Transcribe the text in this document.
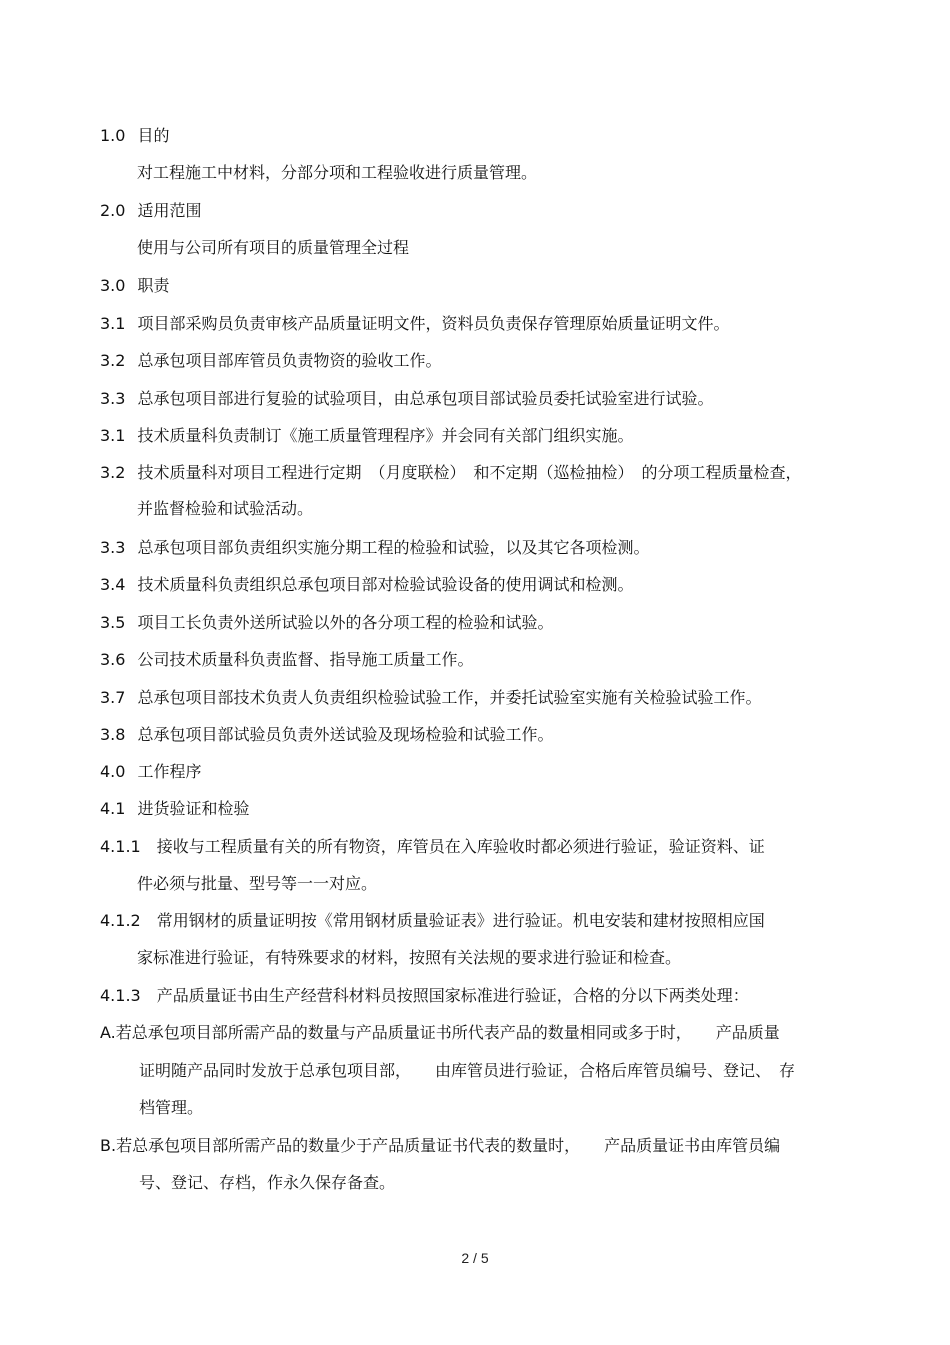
1.0 目的
对工程施工中材料，分部分项和工程验收进行质量管理。
2.0 适用范围
使用与公司所有项目的质量管理全过程
3.0 职责
3.1 项目部采购员负责审核产品质量证明文件，资料员负责保存管理原始质量证明文件。
3.2 总承包项目部库管员负责物资的验收工作。
3.3 总承包项目部进行复验的试验项目，由总承包项目部试验员委托试验室进行试验。
3.1 技术质量科负责制订《施工质量管理程序》并会同有关部门组织实施。
3.2 技术质量科对项目工程进行定期　（月度联检）　和不定期（巡检抽检）　的分项工程质量检查，
并监督检验和试验活动。
3.3 总承包项目部负责组织实施分期工程的检验和试验，以及其它各项检测。
3.4 技术质量科负责组织总承包项目部对检验试验设备的使用调试和检测。
3.5 项目工长负责外送所试验以外的各分项工程的检验和试验。
3.6 公司技术质量科负责监督、指导施工质量工作。
3.7 总承包项目部技术负责人负责组织检验试验工作，并委托试验室实施有关检验试验工作。
3.8 总承包项目部试验员负责外送试验及现场检验和试验工作。
4.0 工作程序
4.1 进货验证和检验
4.1.1 接收与工程质量有关的所有物资，库管员在入库验收时都必须进行验证，验证资料、证
件必须与批量、型号等一一对应。
4.1.2 常用钢材的质量证明按《常用钢材质量验证表》进行验证。机电安装和建材按照相应国
家标准进行验证，有特殊要求的材料，按照有关法规的要求进行验证和检查。
4.1.3 产品质量证书由生产经营科材料员按照国家标准进行验证，合格的分以下两类处理：
A.若总承包项目部所需产品的数量与产品质量证书所代表产品的数量相同或多于时，　　产品质量
证明随产品同时发放于总承包项目部，　　由库管员进行验证，合格后库管员编号、登记、　存
档管理。
B.若总承包项目部所需产品的数量少于产品质量证书代表的数量时，　　产品质量证书由库管员编
号、登记、存档，作永久保存备查。
2 / 5
